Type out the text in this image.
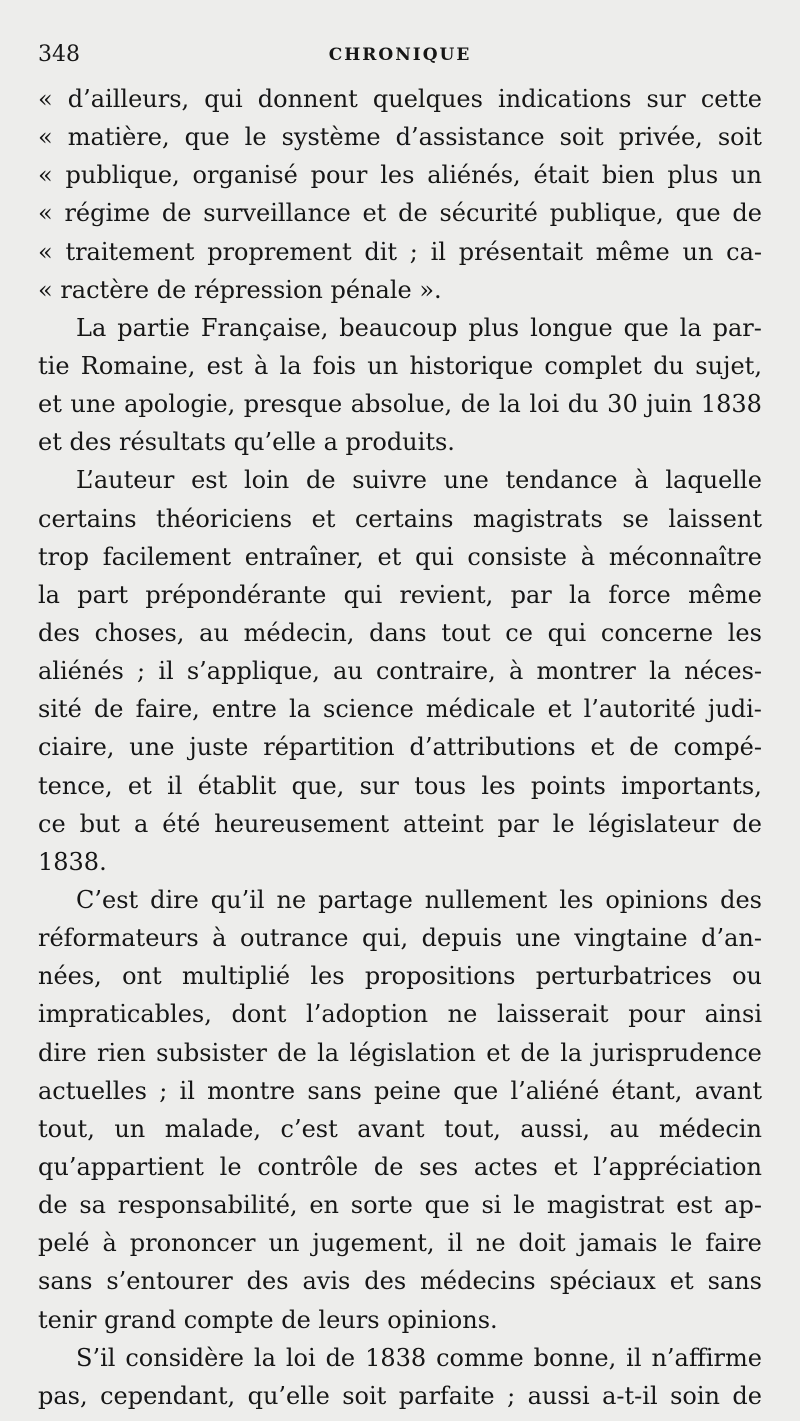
348	CHRONIQUE
« d’ailleurs, qui donnent quelques indications sur cette
« matière, que le système d’assistance soit privée, soit
« publique, organisé pour les aliénés, était bien plus un
« régime de surveillance et de sécurité publique, que de
« traitement proprement dit ; il présentait même un ca-
«
ractère
de
répression
pénale
».
La partie Française, beaucoup plus longue que la par-
tie Romaine, est à la fois un historique complet du sujet,
et une apologie, presque absolue, de la loi du 30 juin 1838
et
des
résultats
qu’elle
a
produits.
L’auteur est loin de suivre une tendance à laquelle
certains théoriciens et certains magistrats se laissent
trop facilement entraîner, et qui consiste à méconnaître
la part prépondérante qui revient, par la force même
des choses, au médecin, dans tout ce qui concerne les
aliénés ; il s’applique, au contraire, à montrer la néces-
sité de faire, entre la science médicale et l’autorité judi-
ciaire, une juste répartition d’attributions et de compé-
tence, et il établit que, sur tous les points importants,
ce but a été heureusement atteint par le législateur de
1838.
C’est dire qu’il ne partage nullement les opinions des
réformateurs à outrance qui, depuis une vingtaine d’an-
nées, ont multiplié les propositions perturbatrices ou
impraticables, dont l’adoption ne laisserait pour ainsi
dire rien subsister de la législation et de la jurisprudence
actuelles ; il montre sans peine que l’aliéné étant, avant
tout, un malade, c’est avant tout, aussi, au médecin
qu’appartient le contrôle de ses actes et l’appréciation
de sa responsabilité, en sorte que si le magistrat est ap-
pelé à prononcer un jugement, il ne doit jamais le faire
sans s’entourer des avis des médecins spéciaux et sans
tenir
grand
compte
de
leurs
opinions.
S’il considère la loi de 1838 comme bonne, il n’affirme
pas, cependant, qu’elle soit parfaite ; aussi a-t-il soin de
